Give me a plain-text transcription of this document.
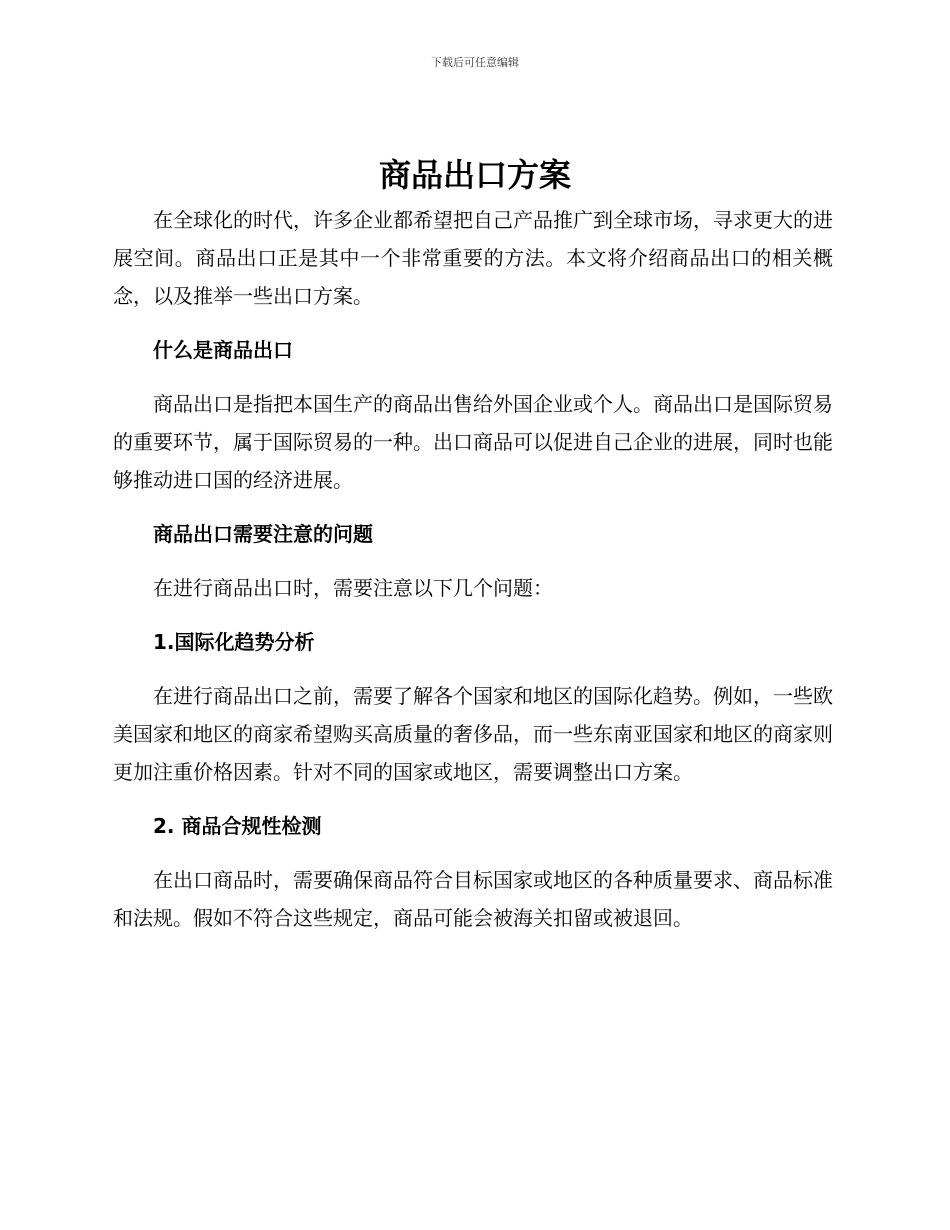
下载后可任意编辑
商品出口方案

在全球化的时代，许多企业都希望把自己产品推广到全球市场，寻求更大的进展空间。商品出口正是其中一个非常重要的方法。本文将介绍商品出口的相关概念，以及推举一些出口方案。

什么是商品出口

商品出口是指把本国生产的商品出售给外国企业或个人。商品出口是国际贸易的重要环节，属于国际贸易的一种。出口商品可以促进自己企业的进展，同时也能够推动进口国的经济进展。

商品出口需要注意的问题

在进行商品出口时，需要注意以下几个问题：

1.国际化趋势分析

在进行商品出口之前，需要了解各个国家和地区的国际化趋势。例如，一些欧美国家和地区的商家希望购买高质量的奢侈品，而一些东南亚国家和地区的商家则更加注重价格因素。针对不同的国家或地区，需要调整出口方案。

2. 商品合规性检测

在出口商品时，需要确保商品符合目标国家或地区的各种质量要求、商品标准和法规。假如不符合这些规定，商品可能会被海关扣留或被退回。
